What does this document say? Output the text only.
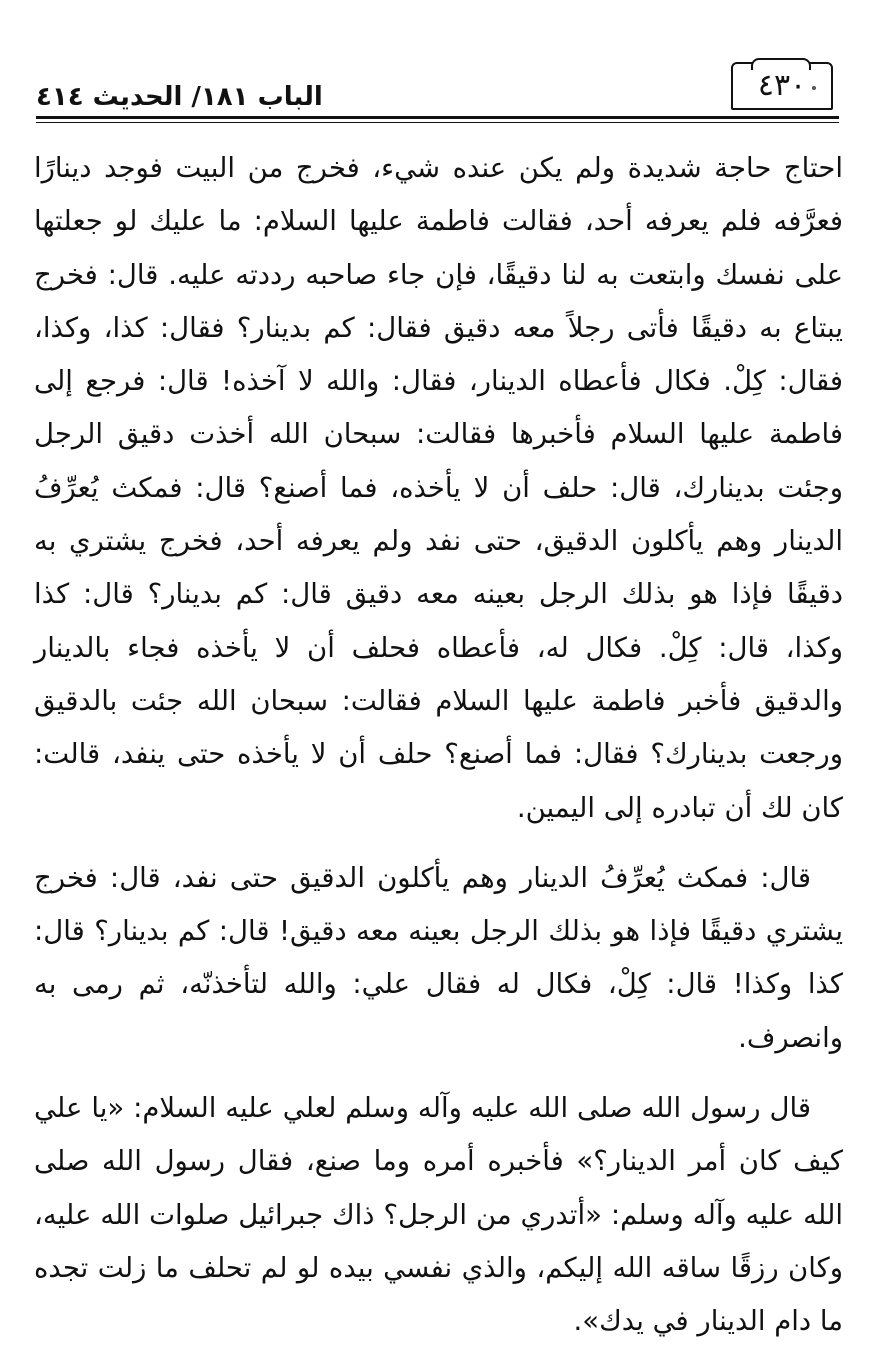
الباب ١٨١/ الحديث ٤١٤	٤٣٠

احتاج حاجة شديدة ولم يكن عنده شيء، فخرج من البيت فوجد دينارًا فعرَّفه فلم يعرفه أحد، فقالت فاطمة عليها السلام: ما عليك لو جعلتها على نفسك وابتعت به لنا دقيقًا، فإن جاء صاحبه رددته عليه. قال: فخرج يبتاع به دقيقًا فأتى رجلاً معه دقيق فقال: كم بدينار؟ فقال: كذا، وكذا، فقال: كِلْ. فكال فأعطاه الدينار، فقال: والله لا آخذه! قال: فرجع إلى فاطمة عليها السلام فأخبرها فقالت: سبحان الله أخذت دقيق الرجل وجئت بدينارك، قال: حلف أن لا يأخذه، فما أصنع؟ قال: فمكث يُعرِّفُ الدينار وهم يأكلون الدقيق، حتى نفد ولم يعرفه أحد، فخرج يشتري به دقيقًا فإذا هو بذلك الرجل بعينه معه دقيق قال: كم بدينار؟ قال: كذا وكذا، قال: كِلْ. فكال له، فأعطاه فحلف أن لا يأخذه فجاء بالدينار والدقيق فأخبر فاطمة عليها السلام فقالت: سبحان الله جئت بالدقيق ورجعت بدينارك؟ فقال: فما أصنع؟ حلف أن لا يأخذه حتى ينفد، قالت: كان لك أن تبادره إلى اليمين.

قال: فمكث يُعرِّفُ الدينار وهم يأكلون الدقيق حتى نفد، قال: فخرج يشتري دقيقًا فإذا هو بذلك الرجل بعينه معه دقيق! قال: كم بدينار؟ قال: كذا وكذا! قال: كِلْ، فكال له فقال علي: والله لتأخذنّه، ثم رمى به وانصرف.

قال رسول الله صلى الله عليه وآله وسلم لعلي عليه السلام: «يا علي كيف كان أمر الدينار؟» فأخبره أمره وما صنع، فقال رسول الله صلى الله عليه وآله وسلم: «أتدري من الرجل؟ ذاك جبرائيل صلوات الله عليه، وكان رزقًا ساقه الله إليكم، والذي نفسي بيده لو لم تحلف ما زلت تجده ما دام الدينار في يدك».
